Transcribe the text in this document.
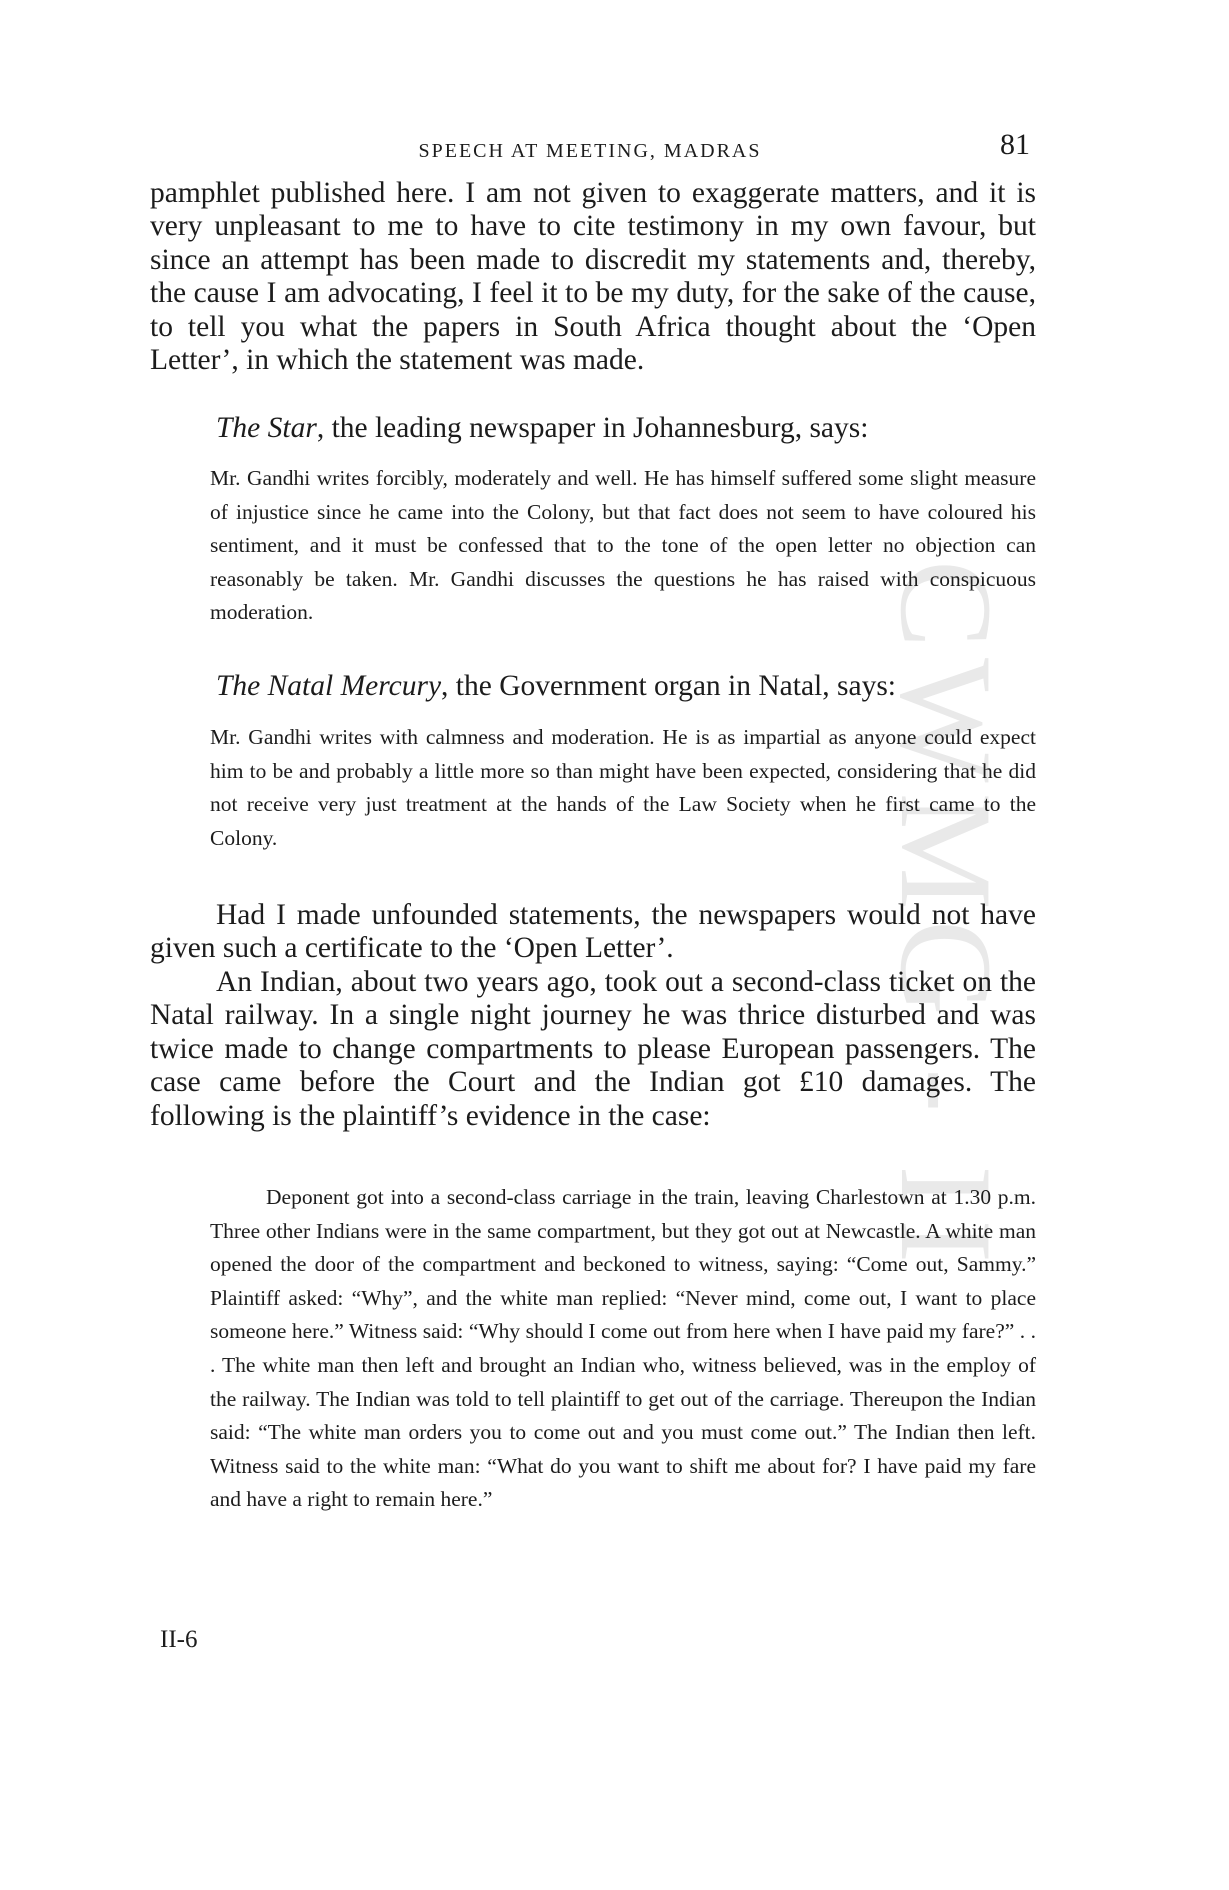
CWMG - II
SPEECH AT MEETING, MADRAS	81

pamphlet published here. I am not given to exaggerate matters, and it is very unpleasant to me to have to cite testimony in my own favour, but since an attempt has been made to discredit my statements and, thereby, the cause I am advocating, I feel it to be my duty, for the sake of the cause, to tell you what the papers in South Africa thought about the ‘Open Letter’, in which the statement was made.

The Star, the leading newspaper in Johannesburg, says:

Mr. Gandhi writes forcibly, moderately and well. He has himself suffered some slight measure of injustice since he came into the Colony, but that fact does not seem to have coloured his sentiment, and it must be confessed that to the tone of the open letter no objection can reasonably be taken. Mr. Gandhi discusses the questions he has raised with conspicuous moderation.

The Natal Mercury, the Government organ in Natal, says:

Mr. Gandhi writes with calmness and moderation. He is as impartial as anyone could expect him to be and probably a little more so than might have been expected, considering that he did not receive very just treatment at the hands of the Law Society when he first came to the Colony.

Had I made unfounded statements, the newspapers would not have given such a certificate to the ‘Open Letter’.

An Indian, about two years ago, took out a second-class ticket on the Natal railway. In a single night journey he was thrice disturbed and was twice made to change compartments to please European passengers. The case came before the Court and the Indian got £10 damages. The following is the plaintiff’s evidence in the case:

Deponent got into a second-class carriage in the train, leaving Charlestown at 1.30 p.m. Three other Indians were in the same compartment, but they got out at Newcastle. A white man opened the door of the compartment and beckoned to witness, saying: “Come out, Sammy.” Plaintiff asked: “Why”, and the white man replied: “Never mind, come out, I want to place someone here.” Witness said: “Why should I come out from here when I have paid my fare?” . . . The white man then left and brought an Indian who, witness believed, was in the employ of the railway. The Indian was told to tell plaintiff to get out of the carriage. Thereupon the Indian said: “The white man orders you to come out and you must come out.” The Indian then left. Witness said to the white man: “What do you want to shift me about for? I have paid my fare and have a right to remain here.”

II-6
